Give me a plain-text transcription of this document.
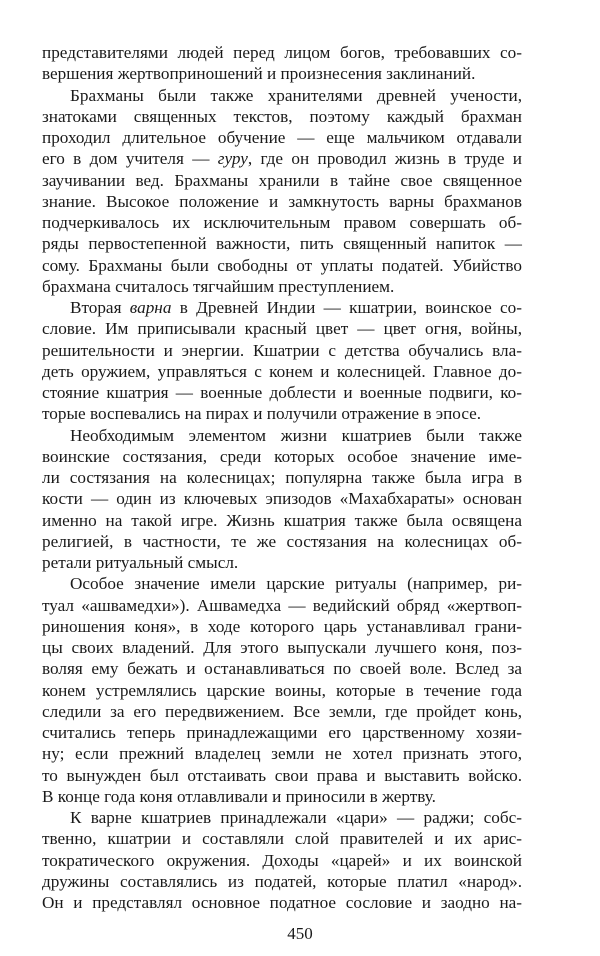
представителями людей перед лицом богов, требовавших со-
вершения жертвоприношений и произнесения заклинаний.
Брахманы были также хранителями древней учености,
знатоками священных текстов, поэтому каждый брахман
проходил длительное обучение — еще мальчиком отдавали
его в дом учителя — гуру, где он проводил жизнь в труде и
заучивании вед. Брахманы хранили в тайне свое священное
знание. Высокое положение и замкнутость варны брахманов
подчеркивалось их исключительным правом совершать об-
ряды первостепенной важности, пить священный напиток —
сому. Брахманы были свободны от уплаты податей. Убийство
брахмана считалось тягчайшим преступлением.
Вторая варна в Древней Индии — кшатрии, воинское со-
словие. Им приписывали красный цвет — цвет огня, войны,
решительности и энергии. Кшатрии с детства обучались вла-
деть оружием, управляться с конем и колесницей. Главное до-
стояние кшатрия — военные доблести и военные подвиги, ко-
торые воспевались на пирах и получили отражение в эпосе.
Необходимым элементом жизни кшатриев были также
воинские состязания, среди которых особое значение име-
ли состязания на колесницах; популярна также была игра в
кости — один из ключевых эпизодов «Махабхараты» основан
именно на такой игре. Жизнь кшатрия также была освящена
религией, в частности, те же состязания на колесницах об-
ретали ритуальный смысл.
Особое значение имели царские ритуалы (например, ри-
туал «ашвамедхи»). Ашвамедха — ведийский обряд «жертвоп-
риношения коня», в ходе которого царь устанавливал грани-
цы своих владений. Для этого выпускали лучшего коня, поз-
воляя ему бежать и останавливаться по своей воле. Вслед за
конем устремлялись царские воины, которые в течение года
следили за его передвижением. Все земли, где пройдет конь,
считались теперь принадлежащими его царственному хозяи-
ну; если прежний владелец земли не хотел признать этого,
то вынужден был отстаивать свои права и выставить войско.
В конце года коня отлавливали и приносили в жертву.
К варне кшатриев принадлежали «цари» — раджи; собс-
твенно, кшатрии и составляли слой правителей и их арис-
тократического окружения. Доходы «царей» и их воинской
дружины составлялись из податей, которые платил «народ».
Он и представлял основное податное сословие и заодно на-
450
